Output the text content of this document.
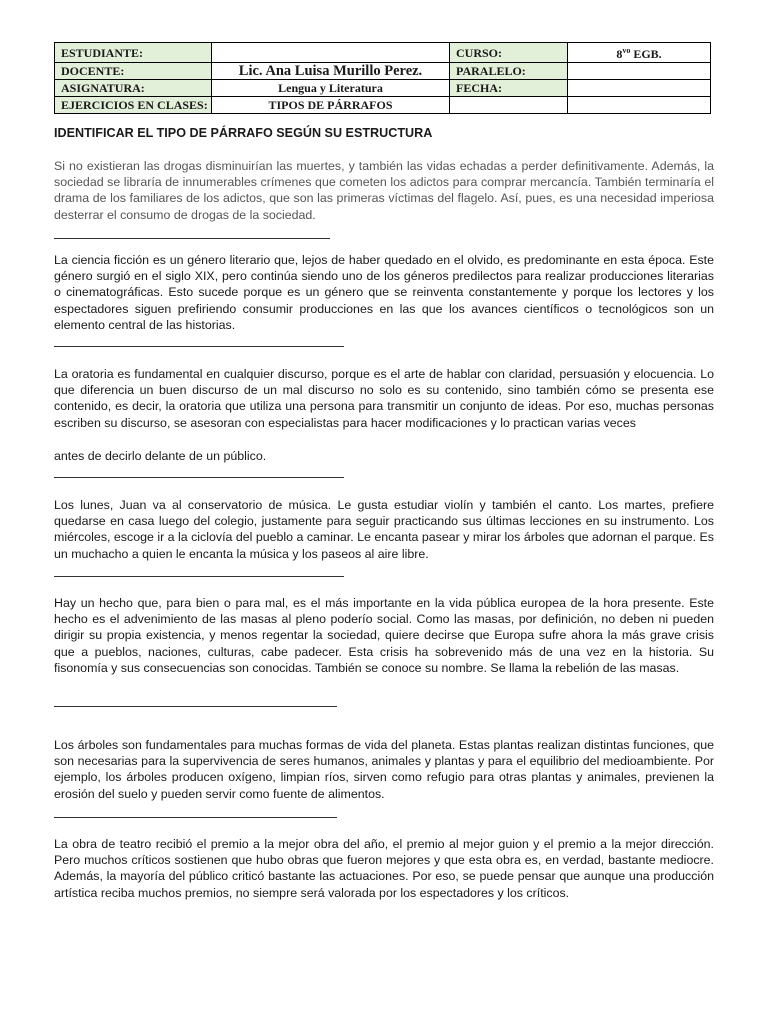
ESTUDIANTE:		CURSO:	$8^{vo}$ EGB.
DOCENTE:	Lic. Ana Luisa Murillo Perez.	PARALELO:	
ASIGNATURA:	Lengua y Literatura	FECHA:	
EJERCICIOS EN CLASES:	TIPOS DE PÁRRAFOS		

IDENTIFICAR EL TIPO DE PÁRRAFO SEGÚN SU ESTRUCTURA

Si no existieran las drogas disminuirían las muertes, y también las vidas echadas a perder definitivamente. Además, la sociedad se libraría de innumerables crímenes que cometen los adictos para comprar mercancía. También terminaría el drama de los familiares de los adictos, que son las primeras víctimas del flagelo. Así, pues, es una necesidad imperiosa desterrar el consumo de drogas de la sociedad.

La ciencia ficción es un género literario que, lejos de haber quedado en el olvido, es predominante en esta época. Este género surgió en el siglo XIX, pero continúa siendo uno de los géneros predilectos para realizar producciones literarias o cinematográficas. Esto sucede porque es un género que se reinventa constantemente y porque los lectores y los espectadores siguen prefiriendo consumir producciones en las que los avances científicos o tecnológicos son un elemento central de las historias.

La oratoria es fundamental en cualquier discurso, porque es el arte de hablar con claridad, persuasión y elocuencia. Lo que diferencia un buen discurso de un mal discurso no solo es su contenido, sino también cómo se presenta ese contenido, es decir, la oratoria que utiliza una persona para transmitir un conjunto de ideas. Por eso, muchas personas escriben su discurso, se asesoran con especialistas para hacer modificaciones y lo practican varias veces

antes de decirlo delante de un público.

Los lunes, Juan va al conservatorio de música. Le gusta estudiar violín y también el canto. Los martes, prefiere quedarse en casa luego del colegio, justamente para seguir practicando sus últimas lecciones en su instrumento. Los miércoles, escoge ir a la ciclovía del pueblo a caminar. Le encanta pasear y mirar los árboles que adornan el parque. Es un muchacho a quien le encanta la música y los paseos al aire libre.

Hay un hecho que, para bien o para mal, es el más importante en la vida pública europea de la hora presente. Este hecho es el advenimiento de las masas al pleno poderío social. Como las masas, por definición, no deben ni pueden dirigir su propia existencia, y menos regentar la sociedad, quiere decirse que Europa sufre ahora la más grave crisis que a pueblos, naciones, culturas, cabe padecer. Esta crisis ha sobrevenido más de una vez en la historia. Su fisonomía y sus consecuencias son conocidas. También se conoce su nombre. Se llama la rebelión de las masas.

Los árboles son fundamentales para muchas formas de vida del planeta. Estas plantas realizan distintas funciones, que son necesarias para la supervivencia de seres humanos, animales y plantas y para el equilibrio del medioambiente. Por ejemplo, los árboles producen oxígeno, limpian ríos, sirven como refugio para otras plantas y animales, previenen la erosión del suelo y pueden servir como fuente de alimentos.

La obra de teatro recibió el premio a la mejor obra del año, el premio al mejor guion y el premio a la mejor dirección. Pero muchos críticos sostienen que hubo obras que fueron mejores y que esta obra es, en verdad, bastante mediocre. Además, la mayoría del público criticó bastante las actuaciones. Por eso, se puede pensar que aunque una producción artística reciba muchos premios, no siempre será valorada por los espectadores y los críticos.
